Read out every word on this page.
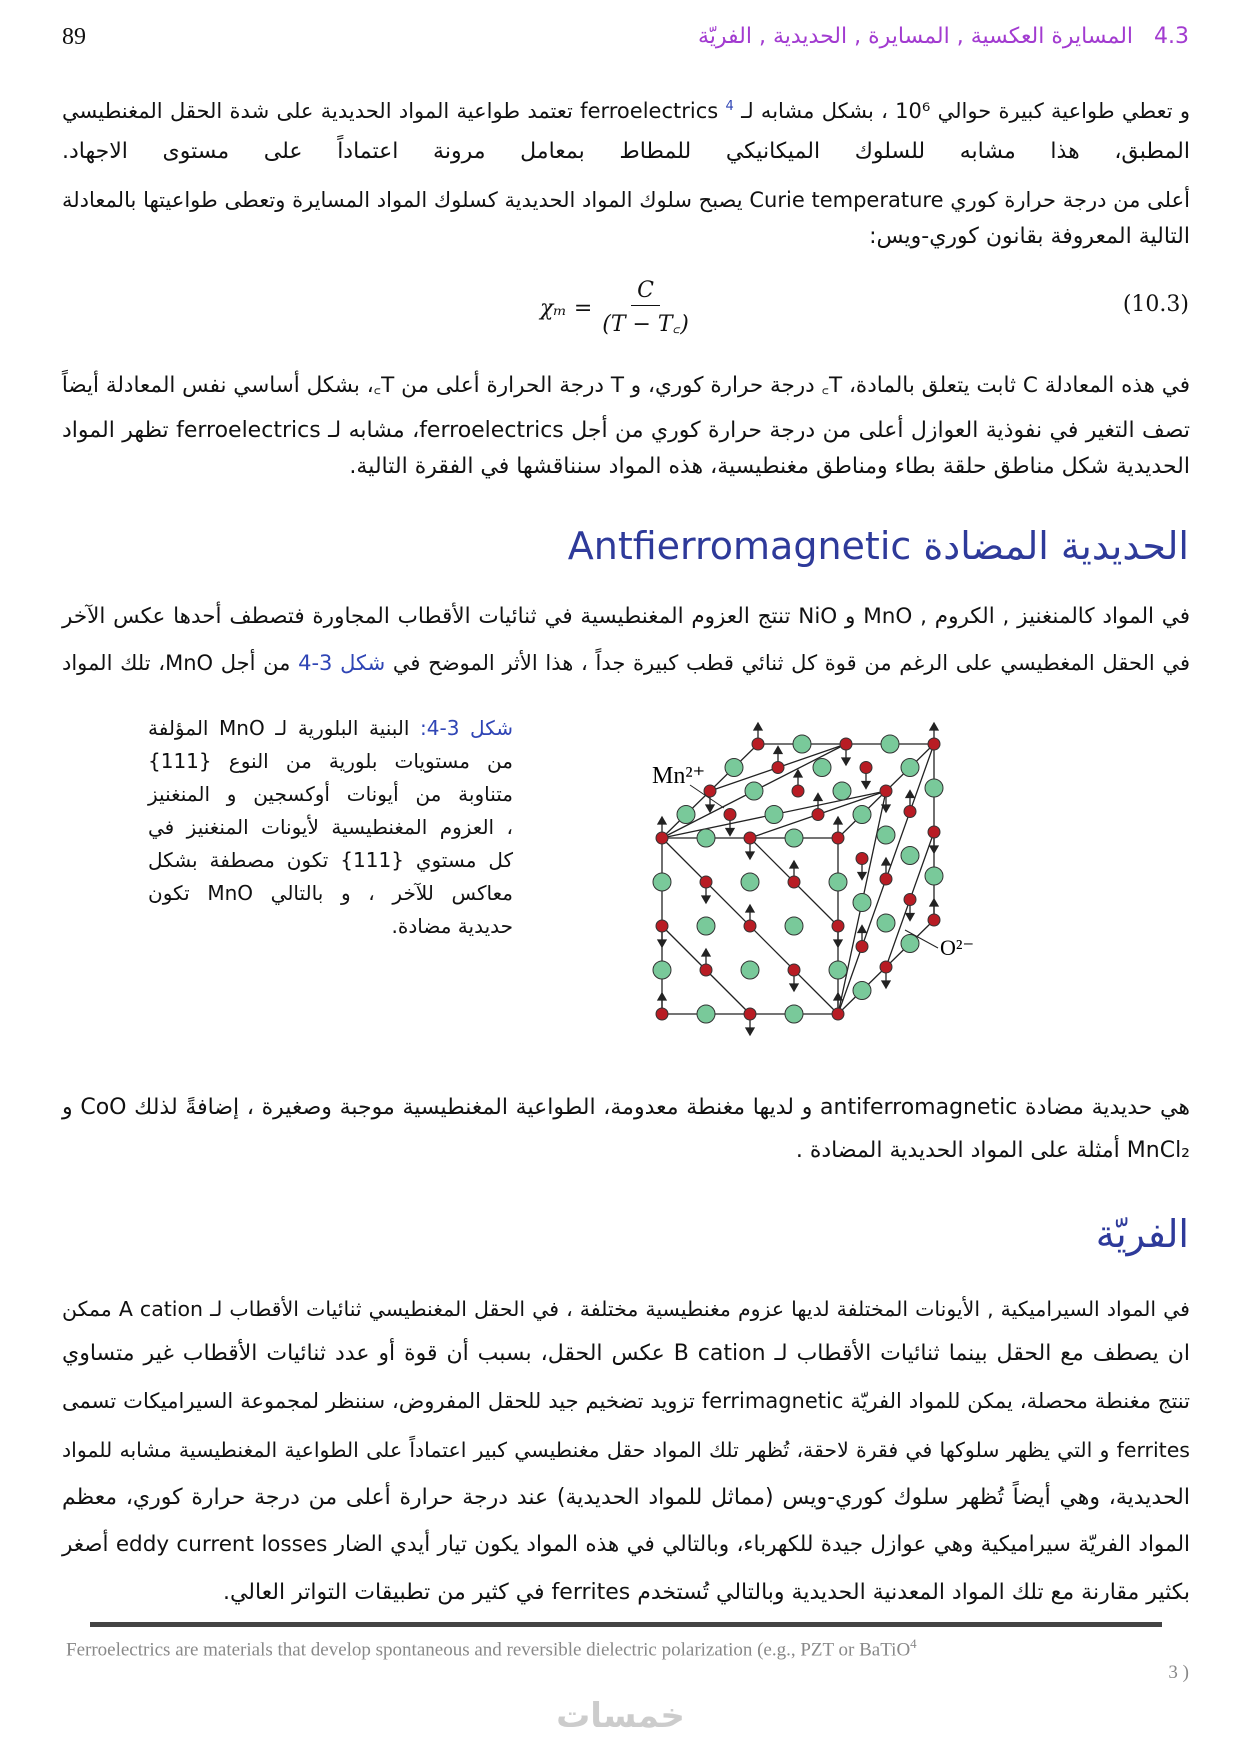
89	4.3   المسايرة العكسية , المسايرة , الحديدية , الفريّة
و تعطي طواعية كبيرة حوالي 10⁶ ، بشكل مشابه لـ ferroelectrics $^4$ تعتمد طواعية المواد الحديدية على شدة الحقل المغنطيسي
المطبق، هذا مشابه للسلوك الميكانيكي للمطاط بمعامل مرونة اعتماداً على مستوى الاجهاد.
أعلى من درجة حرارة كوري Curie temperature يصبح سلوك المواد الحديدية كسلوك المواد المسايرة وتعطى طواعيتها بالمعادلة
التالية المعروفة بقانون كوري-ويس:
$\chi_m = \frac{C}{(T - T꜀)}$	(10.3)
في هذه المعادلة C ثابت يتعلق بالمادة، T꜀ درجة حرارة كوري، و T درجة الحرارة أعلى من T꜀، بشكل أساسي نفس المعادلة أيضاً
تصف التغير في نفوذية العوازل أعلى من درجة حرارة كوري من أجل ferroelectrics، مشابه لـ ferroelectrics تظهر المواد
الحديدية شكل مناطق حلقة بطاء ومناطق مغنطيسية، هذه المواد سنناقشها في الفقرة التالية.
الحديدية المضادة Antfierromagnetic
في المواد كالمنغنيز , الكروم , MnO و NiO تنتج العزوم المغنطيسية في ثنائيات الأقطاب المجاورة فتصطف أحدها عكس الآخر
في الحقل المغطيسي على الرغم من قوة كل ثنائي قطب كبيرة جداً ، هذا الأثر الموضح في شكل 3-4 من أجل MnO، تلك المواد
شكل 3-4: البنية البلورية لـ MnO المؤلفة
من مستويات بلورية من النوع {111}
متناوبة من أيونات أوكسجين و المنغنيز
، العزوم المغنطيسية لأيونات المنغنيز في
كل مستوي {111} تكون مصطفة بشكل
معاكس للآخر ، و بالتالي MnO تكون
حديدية مضادة.
Mn²⁺
O²⁻
هي حديدية مضادة antiferromagnetic و لديها مغنطة معدومة، الطواعية المغنطيسية موجبة وصغيرة ، إضافةً لذلك CoO و
MnCl₂ أمثلة على المواد الحديدية المضادة .
الفريّة
في المواد السيراميكية , الأيونات المختلفة لديها عزوم مغنطيسية مختلفة ، في الحقل المغنطيسي ثنائيات الأقطاب لـ A cation ممكن
ان يصطف مع الحقل بينما ثنائيات الأقطاب لـ B cation عكس الحقل، بسبب أن قوة أو عدد ثنائيات الأقطاب غير متساوي
تنتج مغنطة محصلة، يمكن للمواد الفريّة ferrimagnetic تزويد تضخيم جيد للحقل المفروض، سننظر لمجموعة السيراميكات تسمى
ferrites و التي يظهر سلوكها في فقرة لاحقة، تُظهر تلك المواد حقل مغنطيسي كبير اعتماداً على الطواعية المغنطيسية مشابه للمواد
الحديدية، وهي أيضاً تُظهر سلوك كوري-ويس (مماثل للمواد الحديدية) عند درجة حرارة أعلى من درجة حرارة كوري، معظم
المواد الفريّة سيراميكية وهي عوازل جيدة للكهرباء، وبالتالي في هذه المواد يكون تيار أيدي الضار eddy current losses أصغر
بكثير مقارنة مع تلك المواد المعدنية الحديدية وبالتالي تُستخدم ferrites في كثير من تطبيقات التواتر العالي.
Ferroelectrics are materials that develop spontaneous and reversible dielectric polarization (e.g., PZT or BaTiO$^4$
3 )
خمسات
